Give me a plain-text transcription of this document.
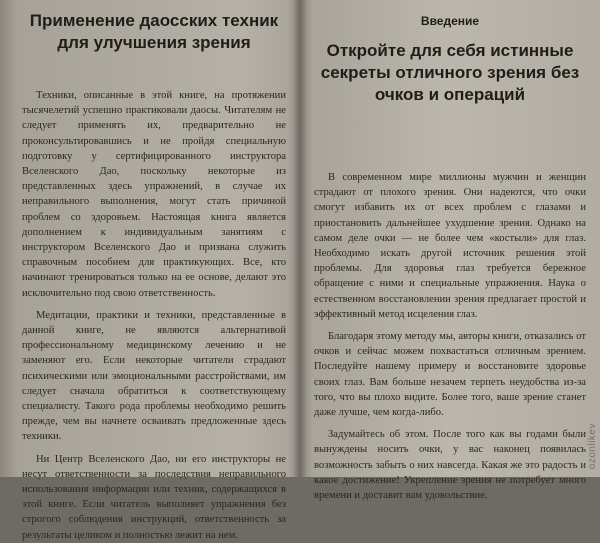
Применение даосских техник для улучшения зрения

Техники, описанные в этой книге, на протяжении тысячелетий успешно практиковали даосы. Читателям не следует применять их, предварительно не проконсультировавшись и не пройдя специальную подготовку у сертифицированного инструктора Вселенского Дао, поскольку некоторые из представленных здесь упражнений, в случае их неправильного выполнения, могут стать причиной проблем со здоровьем. Настоящая книга является дополнением к индивидуальным занятиям с инструктором Вселенского Дао и призвана служить справочным пособием для практикующих. Все, кто начинают тренироваться только на ее основе, делают это исключительно под свою ответственность.

Медитации, практики и техники, представленные в данной книге, не являются альтернативой профессиональному медицинскому лечению и не заменяют его. Если некоторые читатели страдают психическими или эмоциональными расстройствами, им следует сначала обратиться к соответствующему специалисту. Такого рода проблемы необходимо решить прежде, чем вы начнете осваивать предложенные здесь техники.

Ни Центр Вселенского Дао, ни его инструкторы не несут ответственности за последствия неправильного использования информации или техник, содержащихся в этой книге. Если читатель выполняет упражнения без строгого соблюдения инструкций, ответственность за результаты целиком и полностью лежит на нем.

Введение
Откройте для себя истинные секреты отличного зрения без очков и операций

В современном мире миллионы мужчин и женщин страдают от плохого зрения. Они надеются, что очки смогут избавить их от всех проблем с глазами и приостановить дальнейшее ухудшение зрения. Однако на самом деле очки — не более чем «костыли» для глаз. Необходимо искать другой источник решения этой проблемы. Для здоровья глаз требуется бережное обращение с ними и специальные упражнения. Наука о естественном восстановлении зрения предлагает простой и эффективный метод исцеления глаз.

Благодаря этому методу мы, авторы книги, отказались от очков и сейчас можем похвастаться отличным зрением. Последуйте нашему примеру и восстановите здоровье своих глаз. Вам больше незачем терпеть неудобства из-за того, что вы плохо видите. Более того, ваше зрение станет даже лучше, чем когда-либо.

Задумайтесь об этом. После того как вы годами были вынуждены носить очки, у вас наконец появилась возможность забыть о них навсегда. Какая же это радость и какое достижение! Укрепление зрения не потребует много времени и доставит вам удовольствие.

ozonlikev
